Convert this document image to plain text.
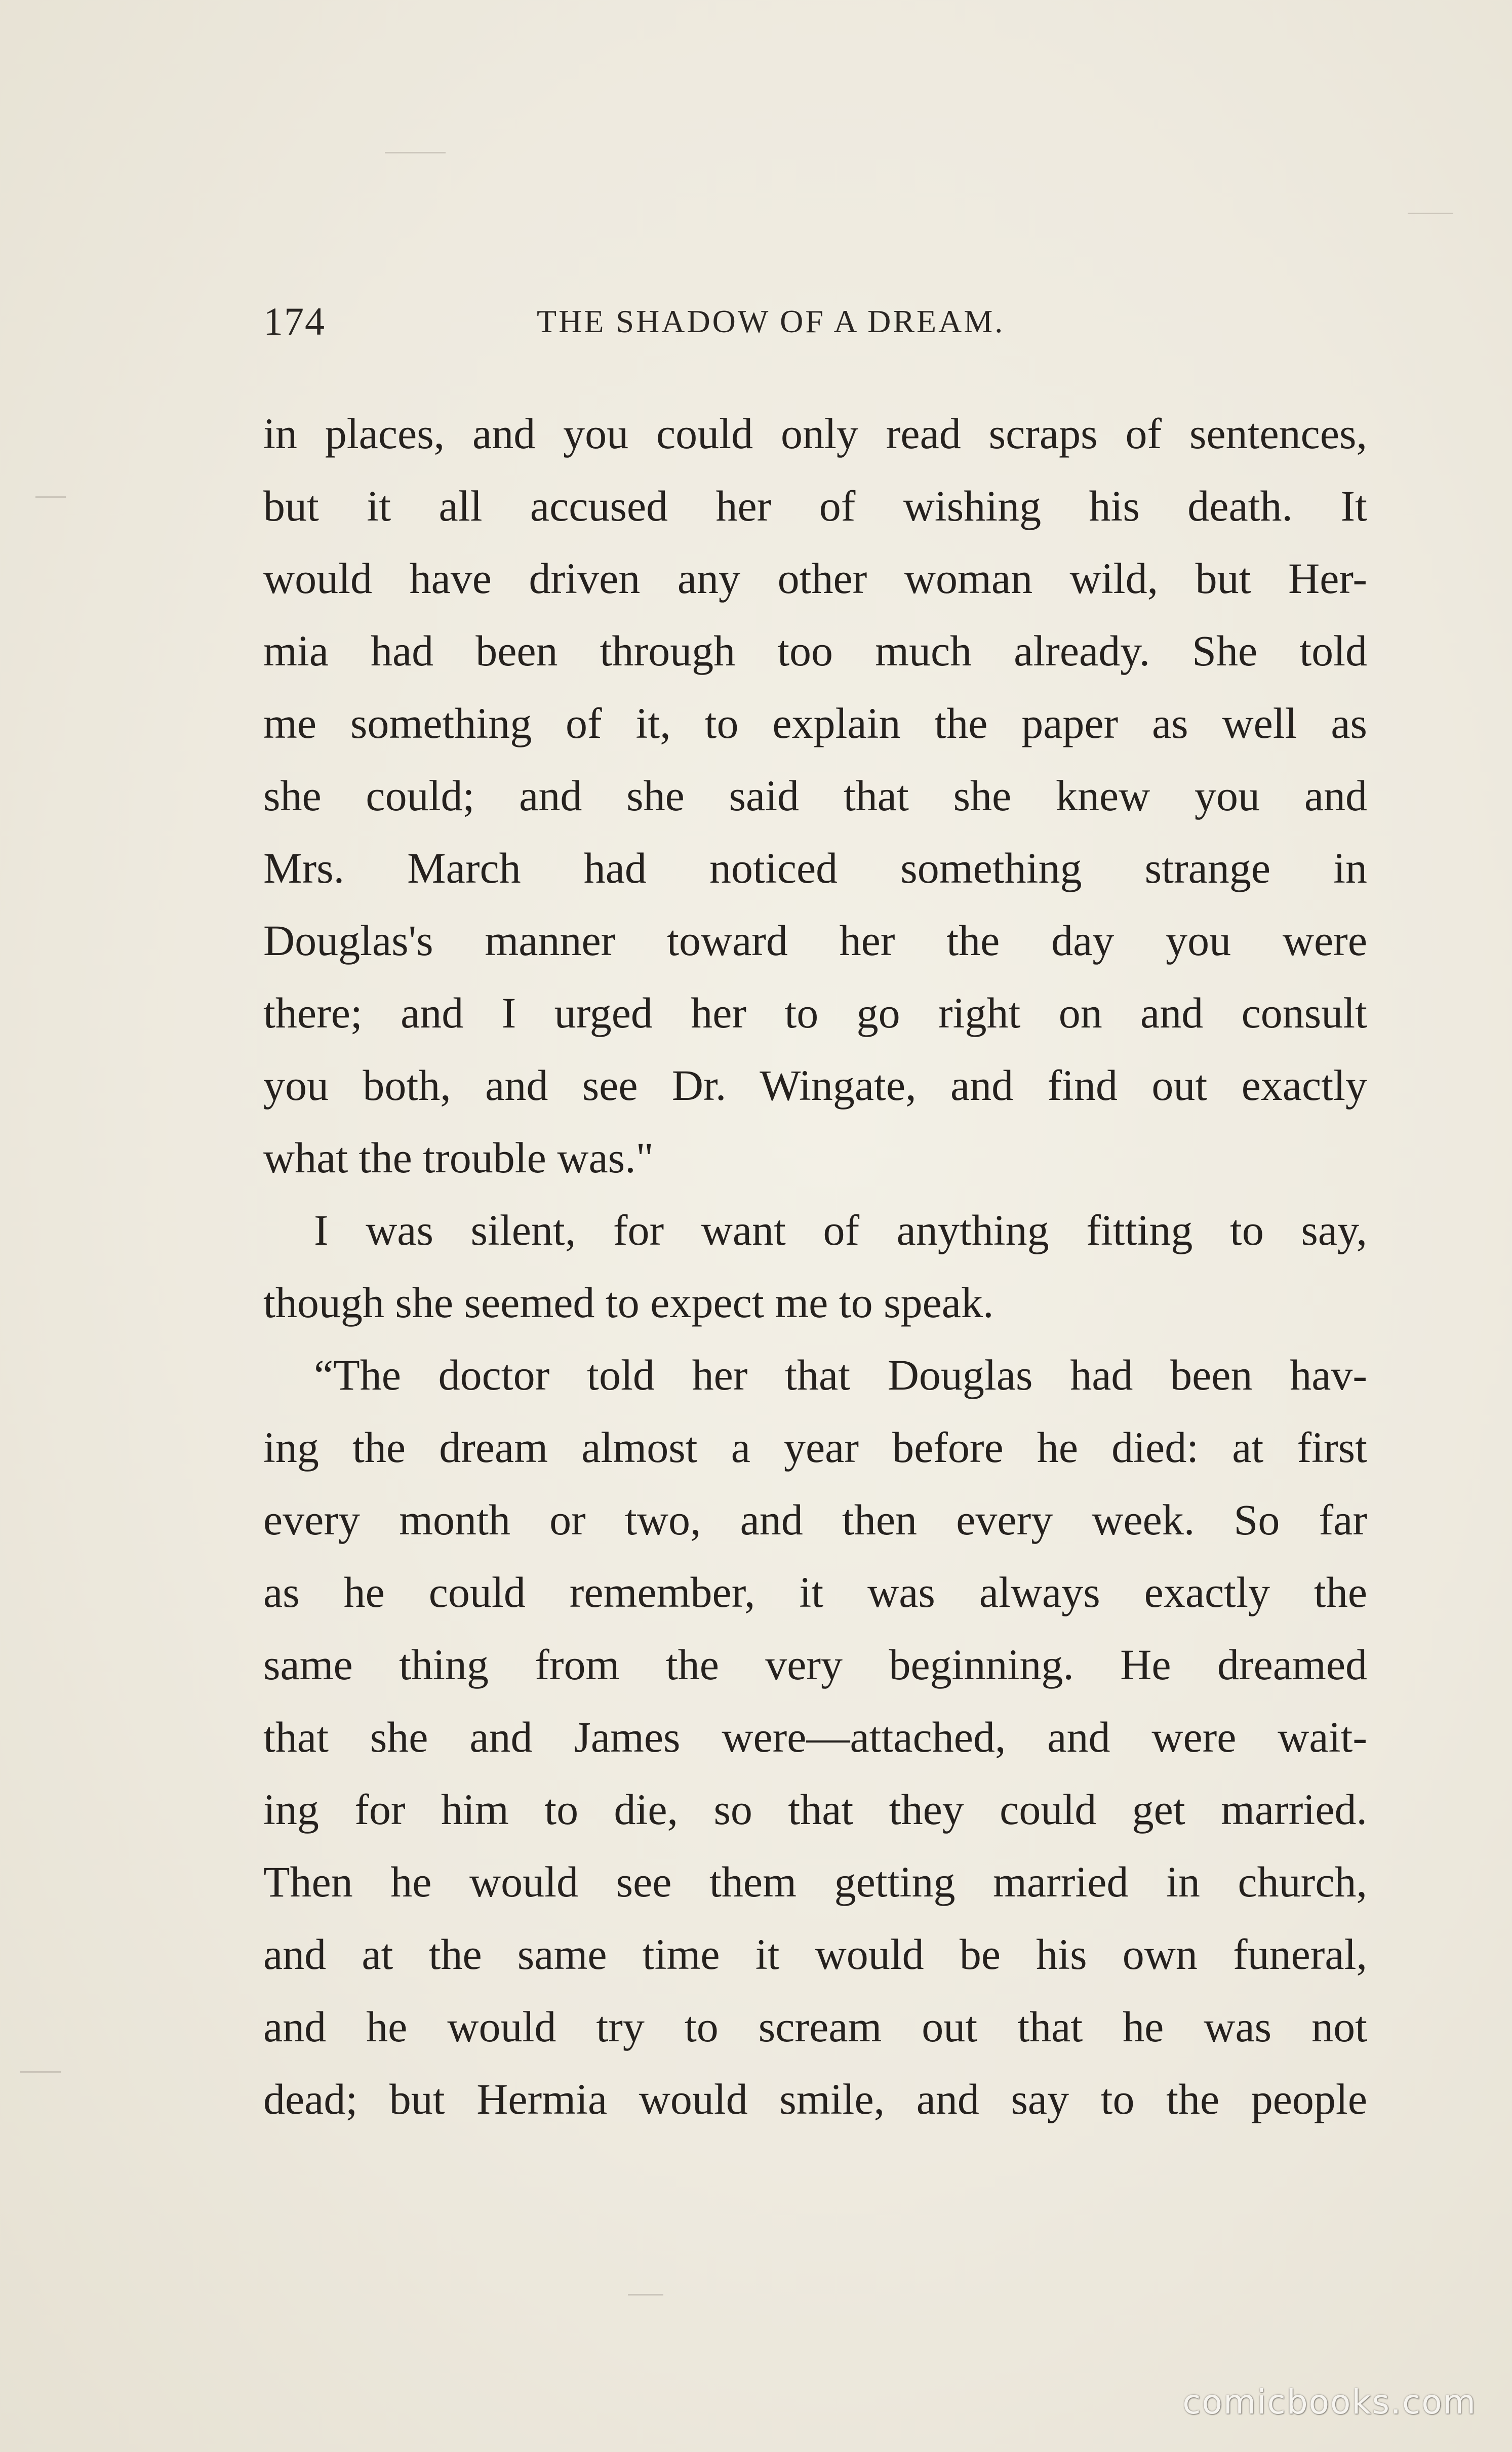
174	THE SHADOW OF A DREAM.
in places, and you could only read scraps of sentences,
but it all accused her of wishing his death. It
would have driven any other woman wild, but Her-
mia had been through too much already. She told
me something of it, to explain the paper as well as
she could; and she said that she knew you and
Mrs. March had noticed something strange in
Douglas's manner toward her the day you were
there; and I urged her to go right on and consult
you both, and see Dr. Wingate, and find out exactly
what the trouble was."
I was silent, for want of anything fitting to say,
though she seemed to expect me to speak.
“The doctor told her that Douglas had been hav-
ing the dream almost a year before he died: at first
every month or two, and then every week. So far
as he could remember, it was always exactly the
same thing from the very beginning. He dreamed
that she and James were—attached, and were wait-
ing for him to die, so that they could get married.
Then he would see them getting married in church,
and at the same time it would be his own funeral,
and he would try to scream out that he was not
dead; but Hermia would smile, and say to the people
comicbooks.com
